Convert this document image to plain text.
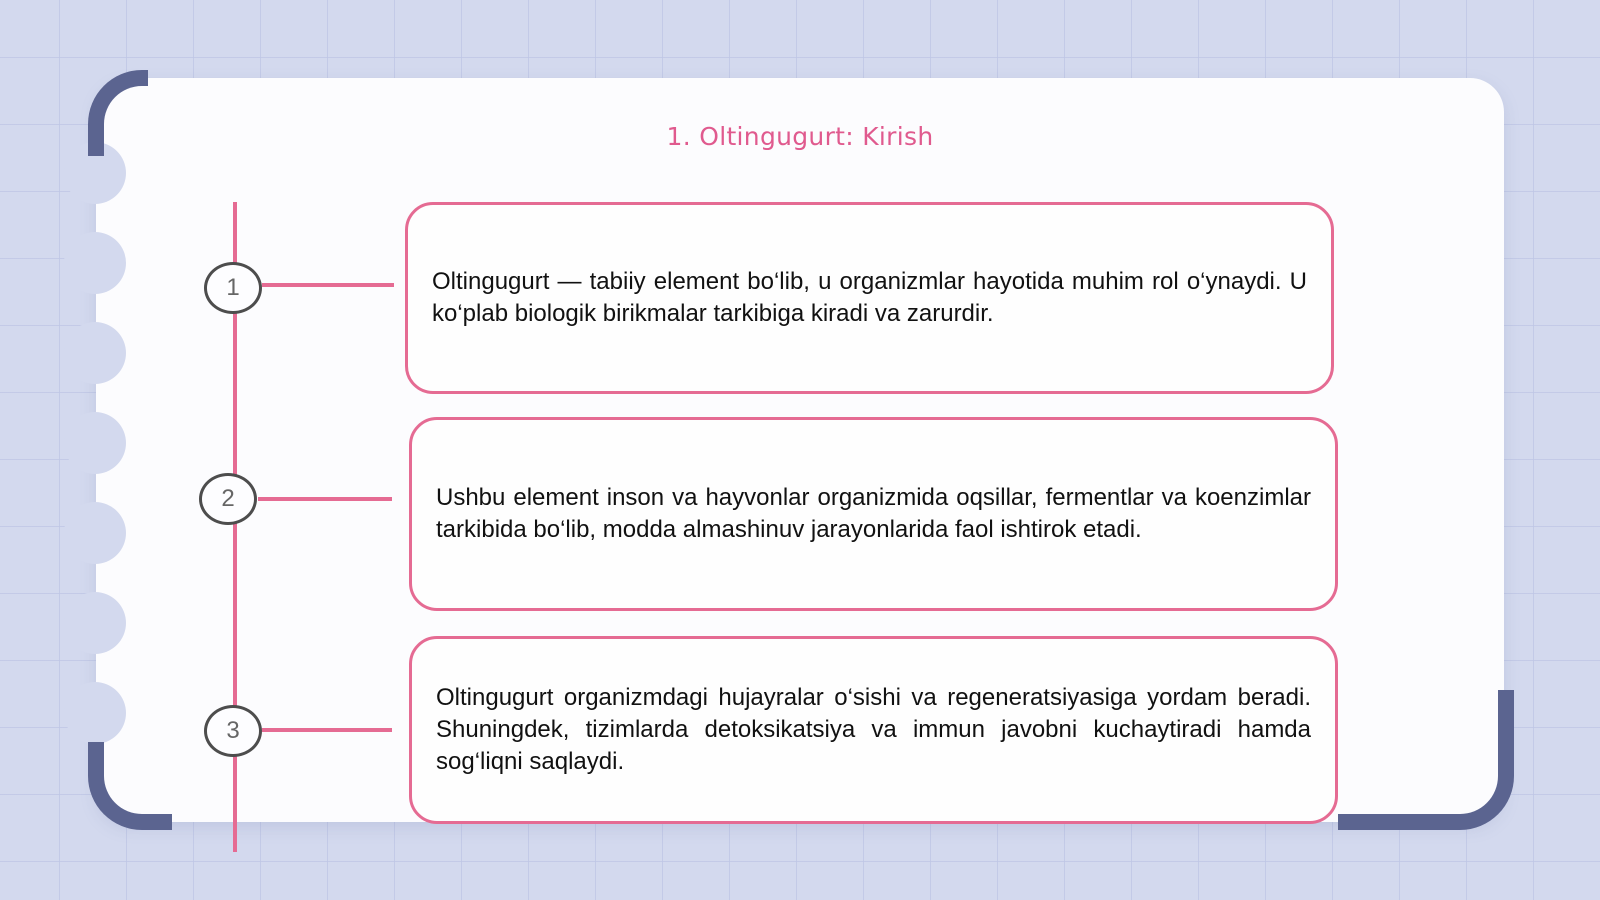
1. Oltingugurt: Kirish
1	Oltingugurt — tabiiy element bo‘lib, u organizmlar hayotida muhim rol o‘ynaydi. U ko‘plab biologik birikmalar tarkibiga kiradi va zarurdir.
2	Ushbu element inson va hayvonlar organizmida oqsillar, fermentlar va koenzimlar tarkibida bo‘lib, modda almashinuv jarayonlarida faol ishtirok etadi.
3
Oltingugurt organizmdagi hujayralar o‘sishi va regeneratsiyasiga yordam beradi. Shuningdek, tizimlarda detoksikatsiya va immun javobni kuchaytiradi hamda sog‘liqni saqlaydi.
